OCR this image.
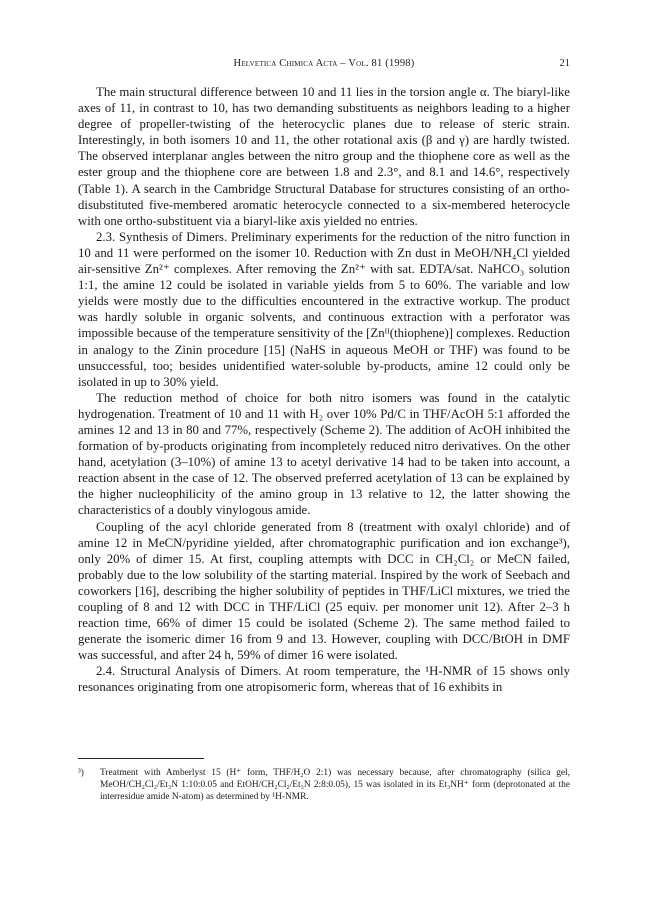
Helvetica Chimica Acta – Vol. 81 (1998)	21

The main structural difference between 10 and 11 lies in the torsion angle α. The biaryl-like axes of 11, in contrast to 10, has two demanding substituents as neighbors leading to a higher degree of propeller-twisting of the heterocyclic planes due to release of steric strain. Interestingly, in both isomers 10 and 11, the other rotational axis (β and γ) are hardly twisted. The observed interplanar angles between the nitro group and the thiophene core as well as the ester group and the thiophene core are between 1.8 and 2.3°, and 8.1 and 14.6°, respectively (Table 1). A search in the Cambridge Structural Database for structures consisting of an ortho-disubstituted five-membered aromatic heterocycle connected to a six-membered heterocycle with one ortho-substituent via a biaryl-like axis yielded no entries.

2.3. Synthesis of Dimers. Preliminary experiments for the reduction of the nitro function in 10 and 11 were performed on the isomer 10. Reduction with Zn dust in MeOH/NH₄Cl yielded air-sensitive Zn²⁺ complexes. After removing the Zn²⁺ with sat. EDTA/sat. NaHCO₃ solution 1:1, the amine 12 could be isolated in variable yields from 5 to 60%. The variable and low yields were mostly due to the difficulties encountered in the extractive workup. The product was hardly soluble in organic solvents, and continuous extraction with a perforator was impossible because of the temperature sensitivity of the [Znᴵᴵ(thiophene)] complexes. Reduction in analogy to the Zinin procedure [15] (NaHS in aqueous MeOH or THF) was found to be unsuccessful, too; besides unidentified water-soluble by-products, amine 12 could only be isolated in up to 30% yield.

The reduction method of choice for both nitro isomers was found in the catalytic hydrogenation. Treatment of 10 and 11 with H₂ over 10% Pd/C in THF/AcOH 5:1 afforded the amines 12 and 13 in 80 and 77%, respectively (Scheme 2). The addition of AcOH inhibited the formation of by-products originating from incompletely reduced nitro derivatives. On the other hand, acetylation (3–10%) of amine 13 to acetyl derivative 14 had to be taken into account, a reaction absent in the case of 12. The observed preferred acetylation of 13 can be explained by the higher nucleophilicity of the amino group in 13 relative to 12, the latter showing the characteristics of a doubly vinylogous amide.

Coupling of the acyl chloride generated from 8 (treatment with oxalyl chloride) and of amine 12 in MeCN/pyridine yielded, after chromatographic purification and ion exchange³), only 20% of dimer 15. At first, coupling attempts with DCC in CH₂Cl₂ or MeCN failed, probably due to the low solubility of the starting material. Inspired by the work of Seebach and coworkers [16], describing the higher solubility of peptides in THF/LiCl mixtures, we tried the coupling of 8 and 12 with DCC in THF/LiCl (25 equiv. per monomer unit 12). After 2–3 h reaction time, 66% of dimer 15 could be isolated (Scheme 2). The same method failed to generate the isomeric dimer 16 from 9 and 13. However, coupling with DCC/BtOH in DMF was successful, and after 24 h, 59% of dimer 16 were isolated.

2.4. Structural Analysis of Dimers. At room temperature, the ¹H-NMR of 15 shows only resonances originating from one atropisomeric form, whereas that of 16 exhibits in

³) Treatment with Amberlyst 15 (H⁺ form, THF/H₂O 2:1) was necessary because, after chromatography (silica gel, MeOH/CH₂Cl₂/Et₃N 1:10:0.05 and EtOH/CH₂Cl₂/Et₃N 2:8:0.05), 15 was isolated in its Et₃NH⁺ form (deprotonated at the interresidue amide N-atom) as determined by ¹H-NMR.
